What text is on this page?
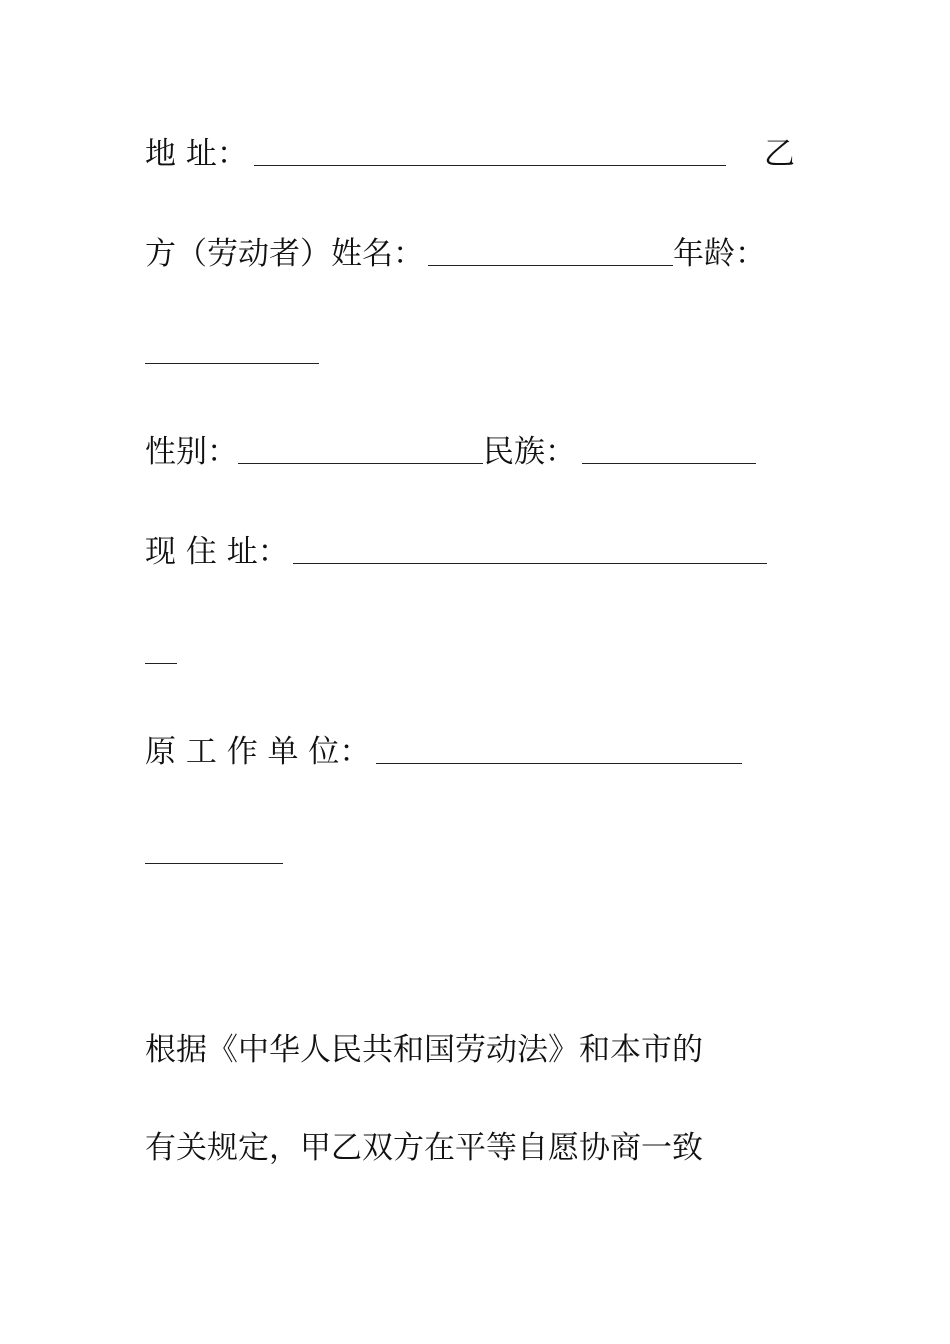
地 址：	乙
方（劳动者）姓名：	年龄：
性别：	民族：
现 住 址：
原 工 作 单 位：
根据《中华人民共和国劳动法》和本市的
有关规定，甲乙双方在平等自愿协商一致
